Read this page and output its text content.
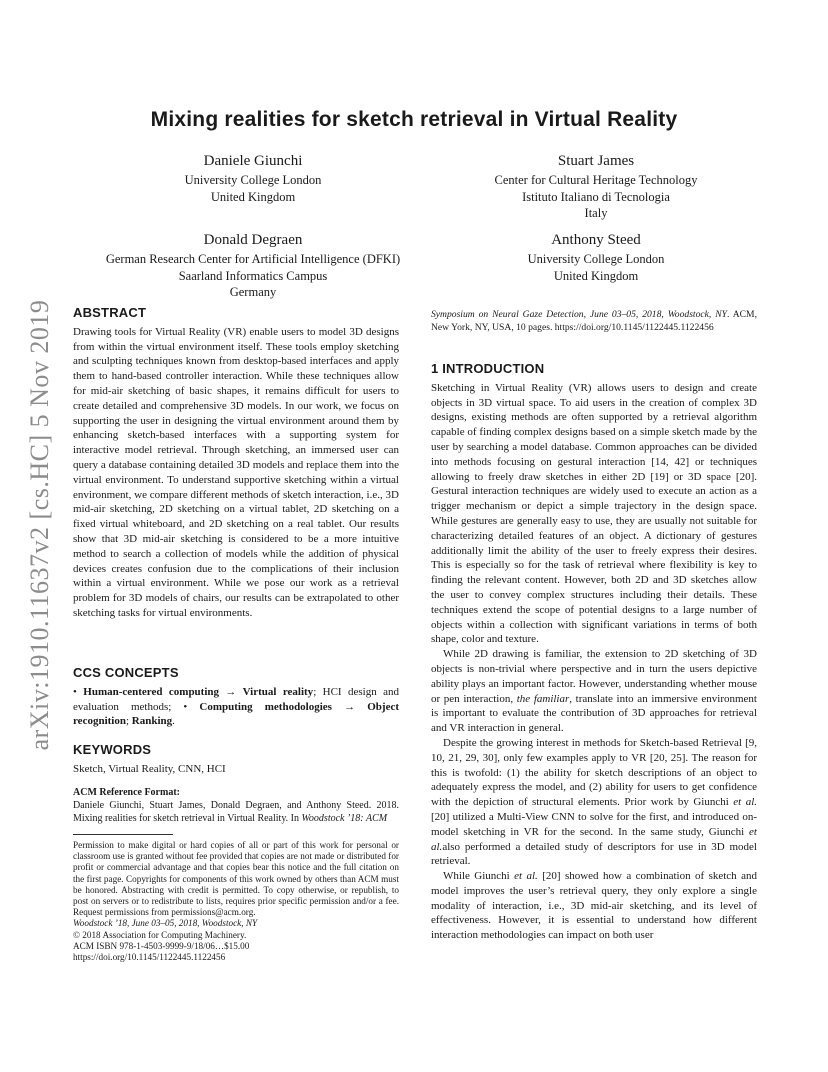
arXiv:1910.11637v2 [cs.HC] 5 Nov 2019
Mixing realities for sketch retrieval in Virtual Reality
Daniele Giunchi
University College London
United Kingdom
Stuart James
Center for Cultural Heritage Technology
Istituto Italiano di Tecnologia
Italy
Donald Degraen
German Research Center for Artificial Intelligence (DFKI)
Saarland Informatics Campus
Germany
Anthony Steed
University College London
United Kingdom
ABSTRACT

Drawing tools for Virtual Reality (VR) enable users to model 3D designs from within the virtual environment itself. These tools employ sketching and sculpting techniques known from desktop-based interfaces and apply them to hand-based controller interaction. While these techniques allow for mid-air sketching of basic shapes, it remains difficult for users to create detailed and comprehensive 3D models. In our work, we focus on supporting the user in designing the virtual environment around them by enhancing sketch-based interfaces with a supporting system for interactive model retrieval. Through sketching, an immersed user can query a database containing detailed 3D models and replace them into the virtual environment. To understand supportive sketching within a virtual environment, we compare different methods of sketch interaction, i.e., 3D mid-air sketching, 2D sketching on a virtual tablet, 2D sketching on a fixed virtual whiteboard, and 2D sketching on a real tablet. Our results show that 3D mid-air sketching is considered to be a more intuitive method to search a collection of models while the addition of physical devices creates confusion due to the complications of their inclusion within a virtual environment. While we pose our work as a retrieval problem for 3D models of chairs, our results can be extrapolated to other sketching tasks for virtual environments.

CCS CONCEPTS

• Human-centered computing → Virtual reality; HCI design and evaluation methods; • Computing methodologies → Object recognition; Ranking.

KEYWORDS

Sketch, Virtual Reality, CNN, HCI

ACM Reference Format:

Daniele Giunchi, Stuart James, Donald Degraen, and Anthony Steed. 2018. Mixing realities for sketch retrieval in Virtual Reality. In Woodstock ’18: ACM

Permission to make digital or hard copies of all or part of this work for personal or classroom use is granted without fee provided that copies are not made or distributed for profit or commercial advantage and that copies bear this notice and the full citation on the first page. Copyrights for components of this work owned by others than ACM must be honored. Abstracting with credit is permitted. To copy otherwise, or republish, to post on servers or to redistribute to lists, requires prior specific permission and/or a fee. Request permissions from permissions@acm.org.

Woodstock ’18, June 03–05, 2018, Woodstock, NY
© 2018 Association for Computing Machinery.
ACM ISBN 978-1-4503-9999-9/18/06…$15.00
https://doi.org/10.1145/1122445.1122456

Symposium on Neural Gaze Detection, June 03–05, 2018, Woodstock, NY. ACM, New York, NY, USA, 10 pages. https://doi.org/10.1145/1122445.1122456

1 INTRODUCTION

Sketching in Virtual Reality (VR) allows users to design and create objects in 3D virtual space. To aid users in the creation of complex 3D designs, existing methods are often supported by a retrieval algorithm capable of finding complex designs based on a simple sketch made by the user by searching a model database. Common approaches can be divided into methods focusing on gestural interaction [14, 42] or techniques allowing to freely draw sketches in either 2D [19] or 3D space [20]. Gestural interaction techniques are widely used to execute an action as a trigger mechanism or depict a simple trajectory in the design space. While gestures are generally easy to use, they are usually not suitable for characterizing detailed features of an object. A dictionary of gestures additionally limit the ability of the user to freely express their desires. This is especially so for the task of retrieval where flexibility is key to finding the relevant content. However, both 2D and 3D sketches allow the user to convey complex structures including their details. These techniques extend the scope of potential designs to a large number of objects within a collection with significant variations in terms of both shape, color and texture.

While 2D drawing is familiar, the extension to 2D sketching of 3D objects is non-trivial where perspective and in turn the users depictive ability plays an important factor. However, understanding whether mouse or pen interaction, the familiar, translate into an immersive environment is important to evaluate the contribution of 3D approaches for retrieval and VR interaction in general.

Despite the growing interest in methods for Sketch-based Retrieval [9, 10, 21, 29, 30], only few examples apply to VR [20, 25]. The reason for this is twofold: (1) the ability for sketch descriptions of an object to adequately express the model, and (2) ability for users to get confidence with the depiction of structural elements. Prior work by Giunchi et al. [20] utilized a Multi-View CNN to solve for the first, and introduced on-model sketching in VR for the second. In the same study, Giunchi et al.also performed a detailed study of descriptors for use in 3D model retrieval.

While Giunchi et al. [20] showed how a combination of sketch and model improves the user’s retrieval query, they only explore a single modality of interaction, i.e., 3D mid-air sketching, and its level of effectiveness. However, it is essential to understand how different interaction methodologies can impact on both user
